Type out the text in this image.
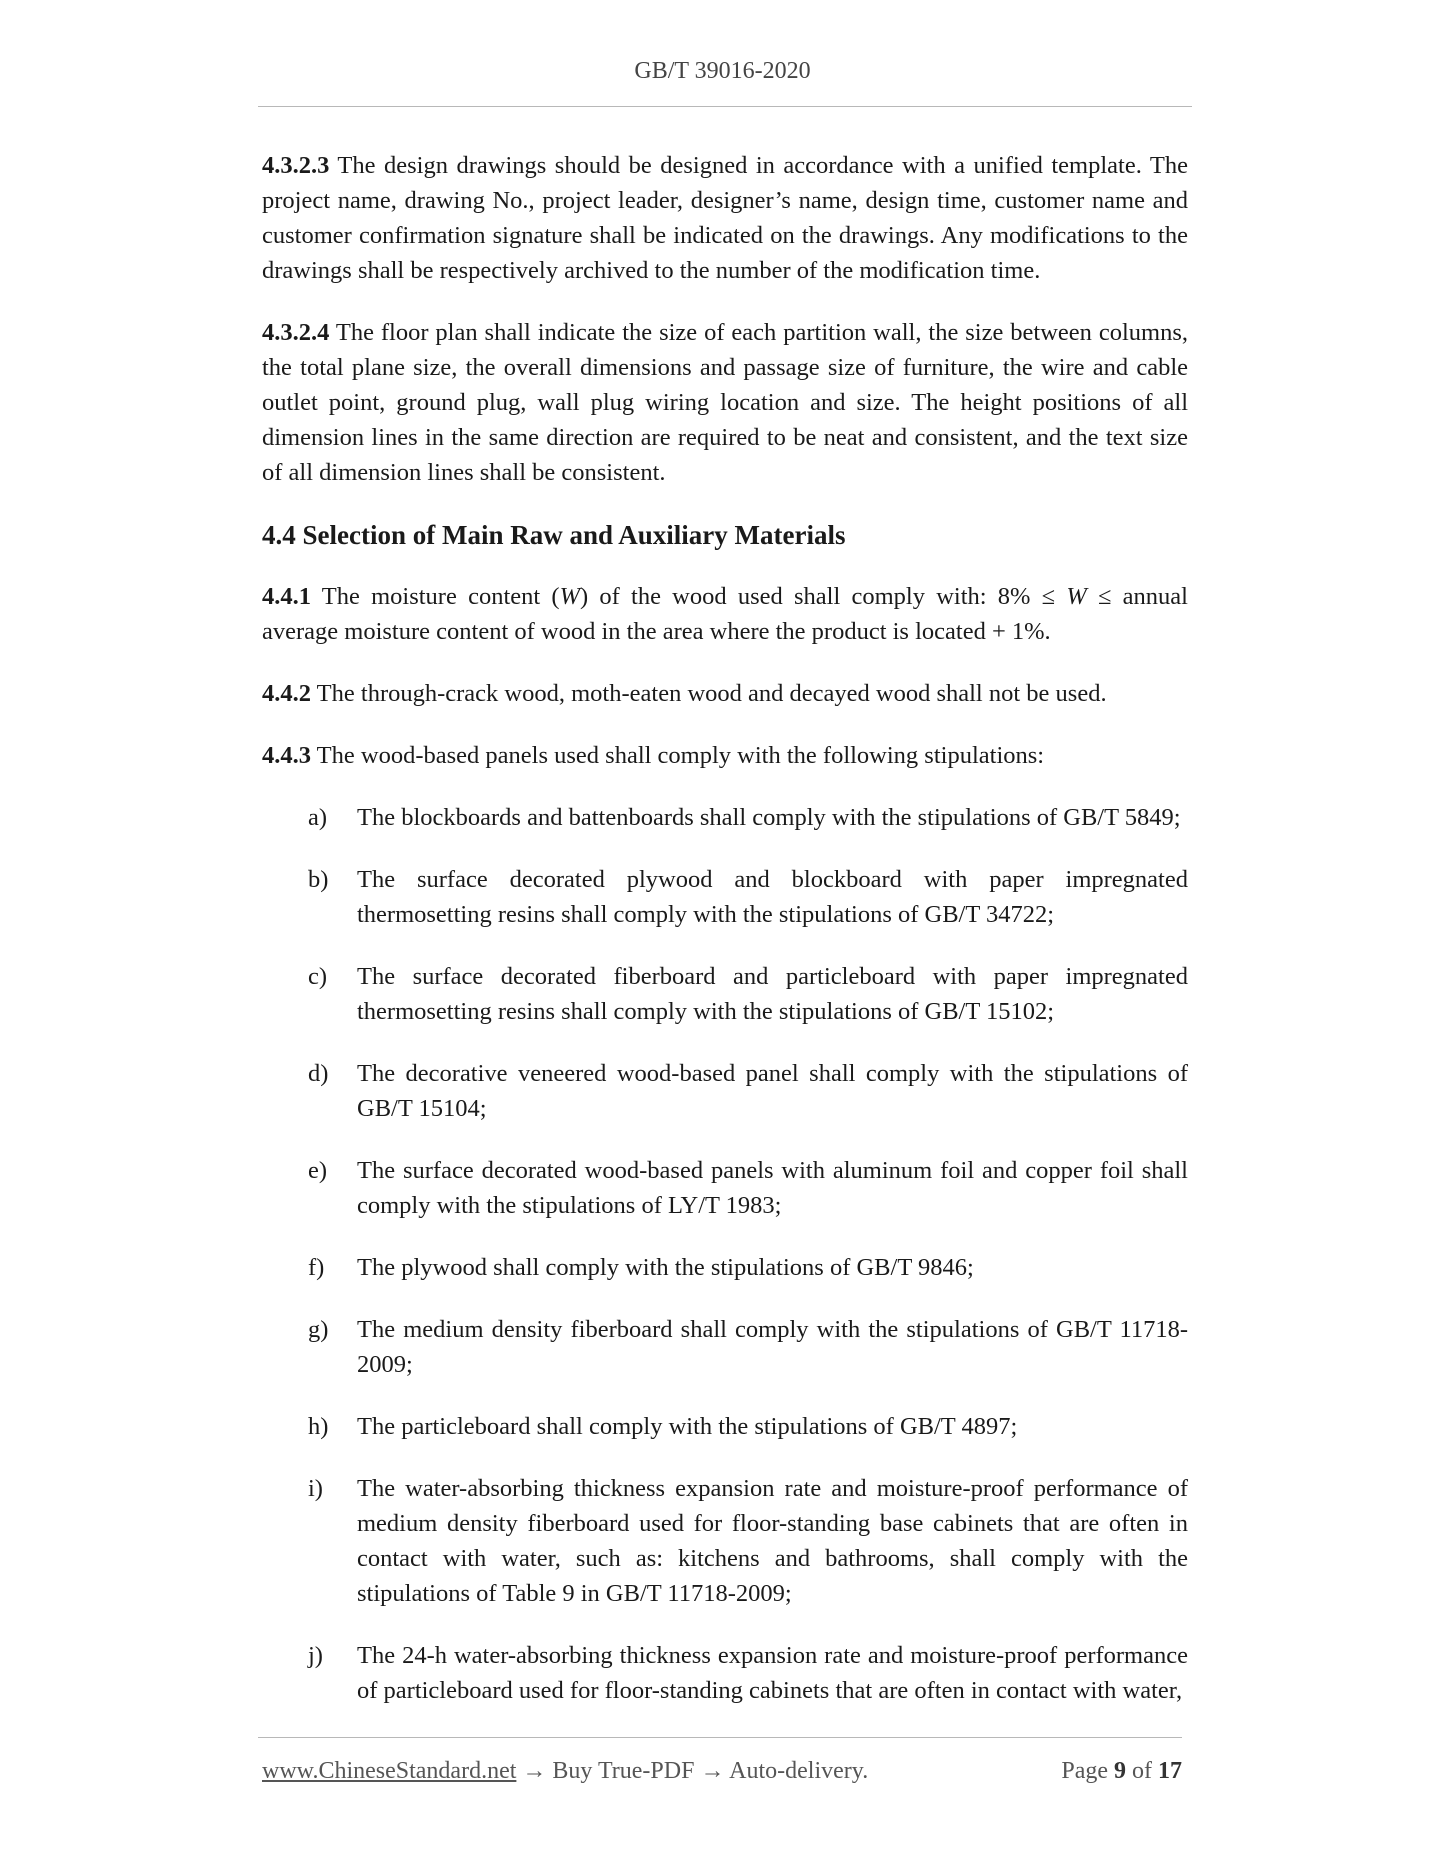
GB/T 39016-2020

4.3.2.3 The design drawings should be designed in accordance with a unified template. The project name, drawing No., project leader, designer’s name, design time, customer name and customer confirmation signature shall be indicated on the drawings. Any modifications to the drawings shall be respectively archived to the number of the modification time.

4.3.2.4 The floor plan shall indicate the size of each partition wall, the size between columns, the total plane size, the overall dimensions and passage size of furniture, the wire and cable outlet point, ground plug, wall plug wiring location and size. The height positions of all dimension lines in the same direction are required to be neat and consistent, and the text size of all dimension lines shall be consistent.

4.4 Selection of Main Raw and Auxiliary Materials

4.4.1 The moisture content (W) of the wood used shall comply with: 8% ≤ W ≤ annual average moisture content of wood in the area where the product is located + 1%.

4.4.2 The through-crack wood, moth-eaten wood and decayed wood shall not be used.

4.4.3 The wood-based panels used shall comply with the following stipulations:

a) The blockboards and battenboards shall comply with the stipulations of GB/T 5849;
b) The surface decorated plywood and blockboard with paper impregnated thermosetting resins shall comply with the stipulations of GB/T 34722;
c) The surface decorated fiberboard and particleboard with paper impregnated thermosetting resins shall comply with the stipulations of GB/T 15102;
d) The decorative veneered wood-based panel shall comply with the stipulations of GB/T 15104;
e) The surface decorated wood-based panels with aluminum foil and copper foil shall comply with the stipulations of LY/T 1983;
f) The plywood shall comply with the stipulations of GB/T 9846;
g) The medium density fiberboard shall comply with the stipulations of GB/T 11718-2009;
h) The particleboard shall comply with the stipulations of GB/T 4897;
i) The water-absorbing thickness expansion rate and moisture-proof performance of medium density fiberboard used for floor-standing base cabinets that are often in contact with water, such as: kitchens and bathrooms, shall comply with the stipulations of Table 9 in GB/T 11718-2009;
j) The 24-h water-absorbing thickness expansion rate and moisture-proof performance of particleboard used for floor-standing cabinets that are often in contact with water,
www.ChineseStandard.net → Buy True-PDF → Auto-delivery.	Page 9 of 17
